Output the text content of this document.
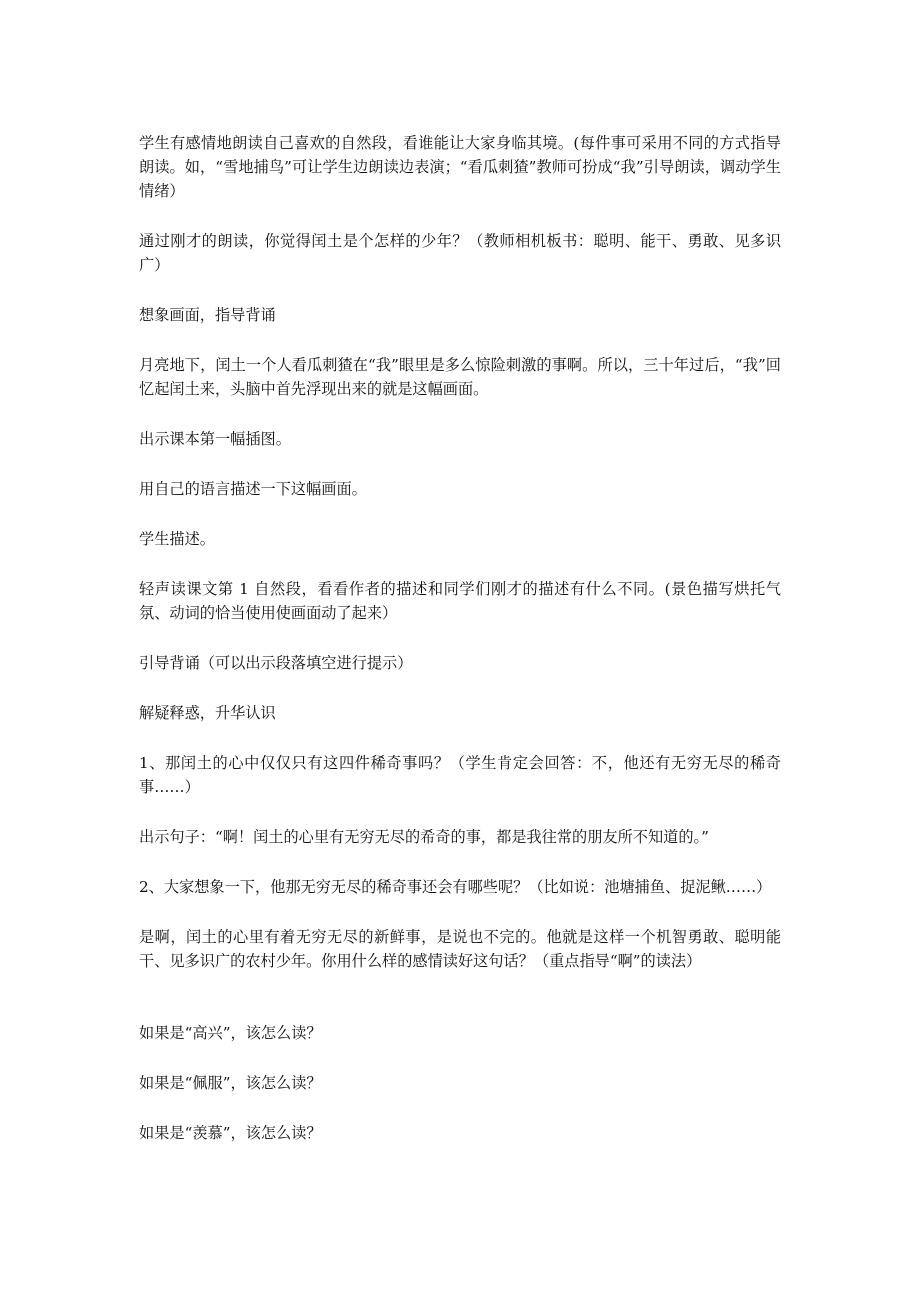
学生有感情地朗读自己喜欢的自然段，看谁能让大家身临其境。(每件事可采用不同的方式指导朗读。如，“雪地捕鸟”可让学生边朗读边表演；“看瓜刺猹”教师可扮成“我”引导朗读，调动学生情绪）

通过刚才的朗读，你觉得闰土是个怎样的少年？（教师相机板书：聪明、能干、勇敢、见多识广）

想象画面，指导背诵

月亮地下，闰土一个人看瓜刺猹在“我”眼里是多么惊险刺激的事啊。所以，三十年过后，“我”回忆起闰土来，头脑中首先浮现出来的就是这幅画面。

出示课本第一幅插图。

用自己的语言描述一下这幅画面。

学生描述。

轻声读课文第 1 自然段，看看作者的描述和同学们刚才的描述有什么不同。(景色描写烘托气氛、动词的恰当使用使画面动了起来）

引导背诵（可以出示段落填空进行提示）

解疑释惑，升华认识

1、那闰土的心中仅仅只有这四件稀奇事吗？（学生肯定会回答：不，他还有无穷无尽的稀奇事……）

出示句子：“啊！闰土的心里有无穷无尽的希奇的事，都是我往常的朋友所不知道的。”

2、大家想象一下，他那无穷无尽的稀奇事还会有哪些呢？（比如说：池塘捕鱼、捉泥鳅……）

是啊，闰土的心里有着无穷无尽的新鲜事，是说也不完的。他就是这样一个机智勇敢、聪明能干、见多识广的农村少年。你用什么样的感情读好这句话？（重点指导“啊”的读法）

如果是“高兴”，该怎么读？

如果是“佩服”，该怎么读？

如果是“羡慕”，该怎么读？
